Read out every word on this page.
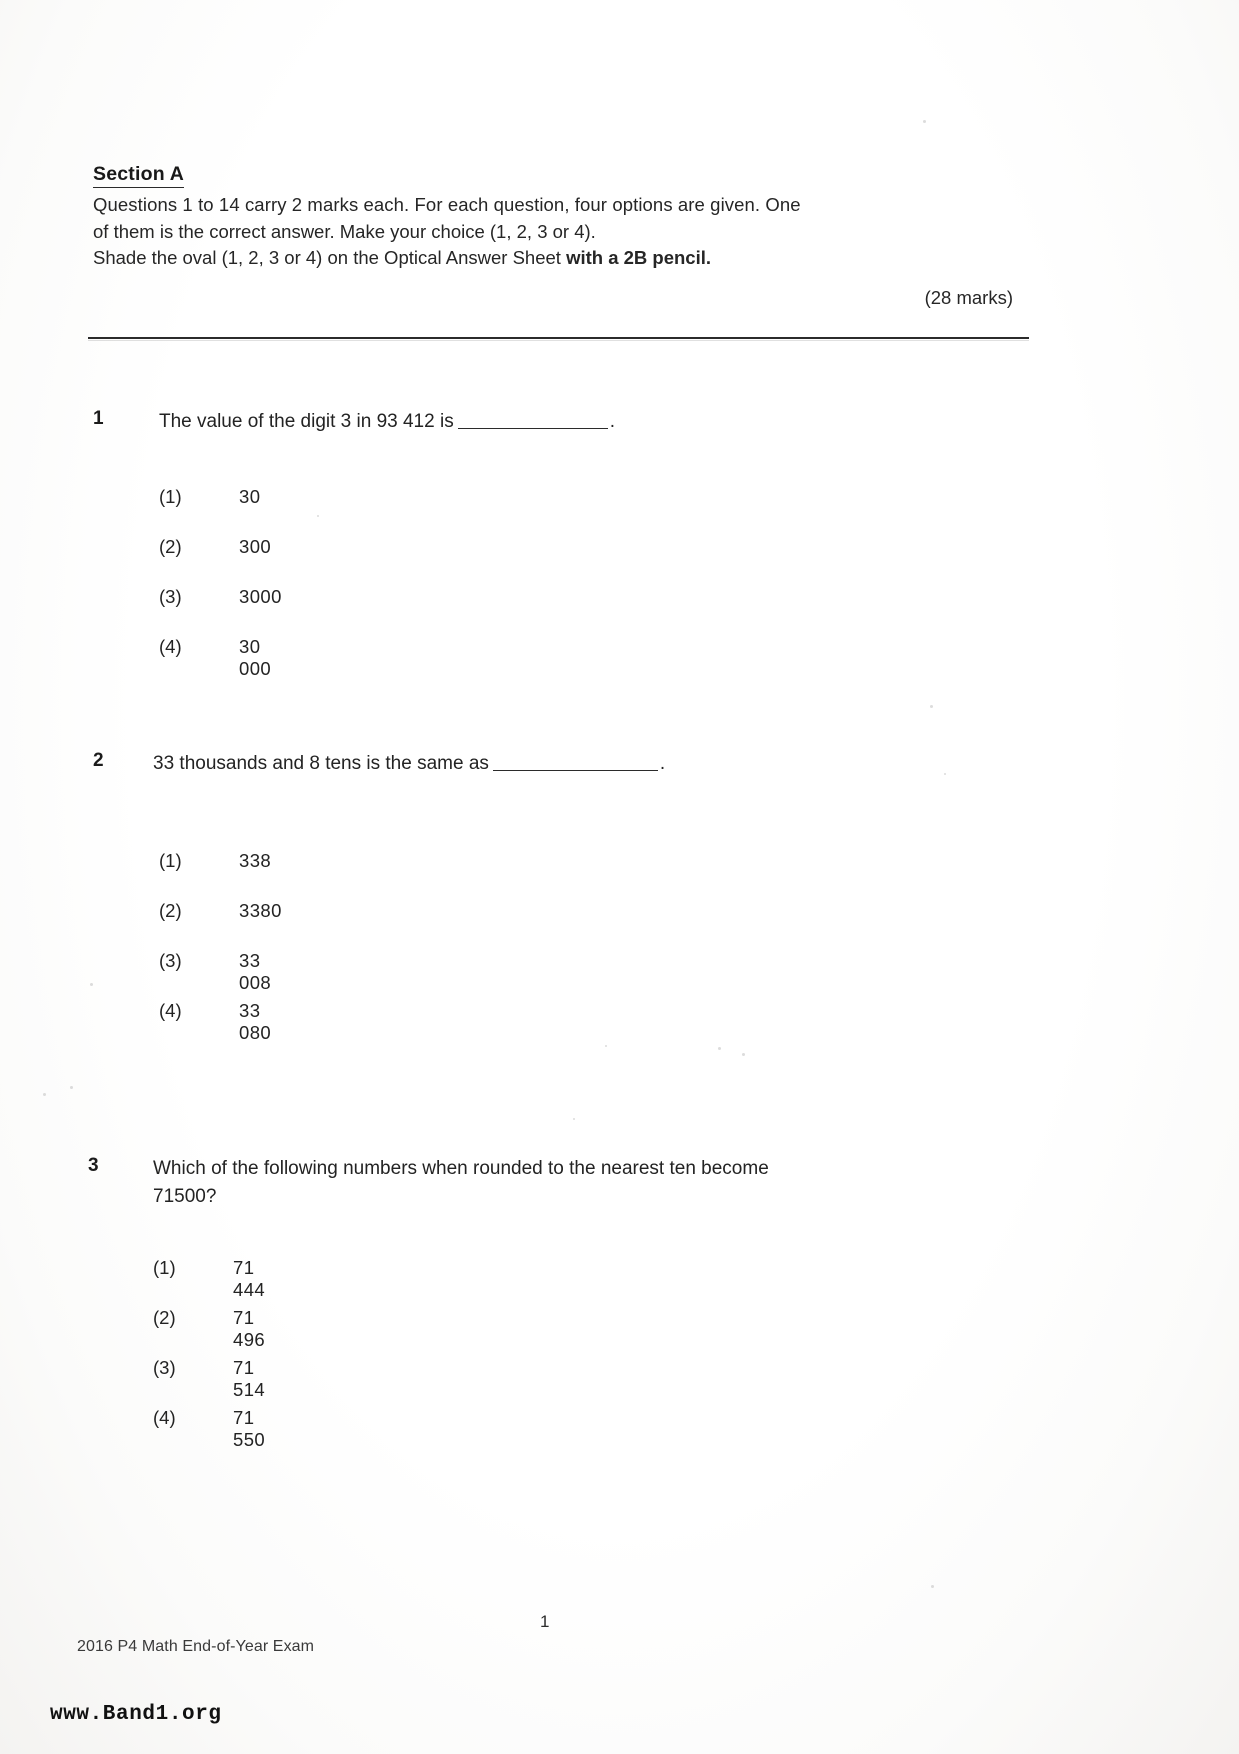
Section A
Questions 1 to 14 carry 2 marks each. For each question, four options are given. One
of them is the correct answer. Make your choice (1, 2, 3 or 4).
Shade the oval (1, 2, 3 or 4) on the Optical Answer Sheet with a 2B pencil.
(28 marks)
1	The value of the digit 3 in 93 412 is	.
(1)	30
(2)	300
(3)	3000
(4)	30 000
2	33 thousands and 8 tens is the same as	.
(1)	338
(2)	3380
(3)	33 008
(4)	33 080
3	Which of the following numbers when rounded to the nearest ten become
71500?
(1)	71 444
(2)	71 496
(3)	71 514
(4)	71 550
1
2016 P4 Math End-of-Year Exam
www.Band1.org
